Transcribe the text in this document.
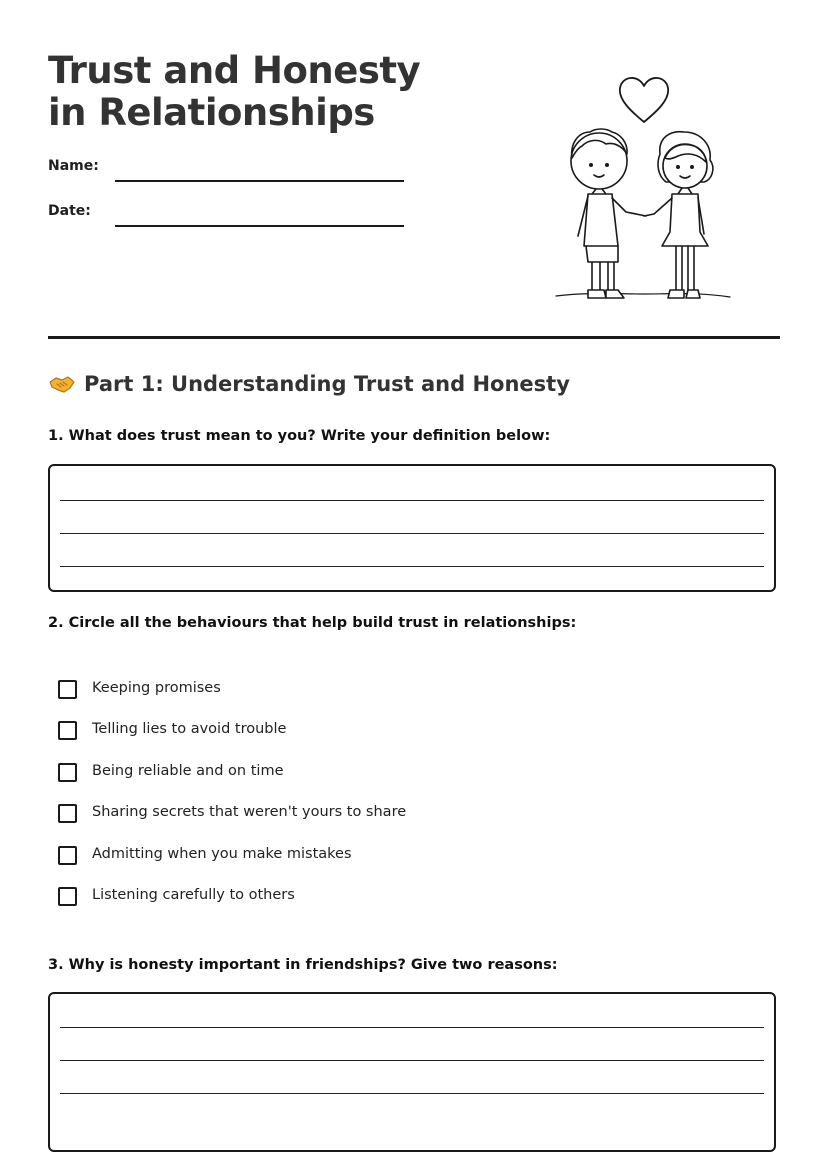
Trust and Honesty in Relationships
Name:
Date:
Part 1: Understanding Trust and Honesty

1. What does trust mean to you? Write your definition below:

2. Circle all the behaviours that help build trust in relationships:

Keeping promises
Telling lies to avoid trouble
Being reliable and on time
Sharing secrets that weren't yours to share
Admitting when you make mistakes
Listening carefully to others

3. Why is honesty important in friendships? Give two reasons:
